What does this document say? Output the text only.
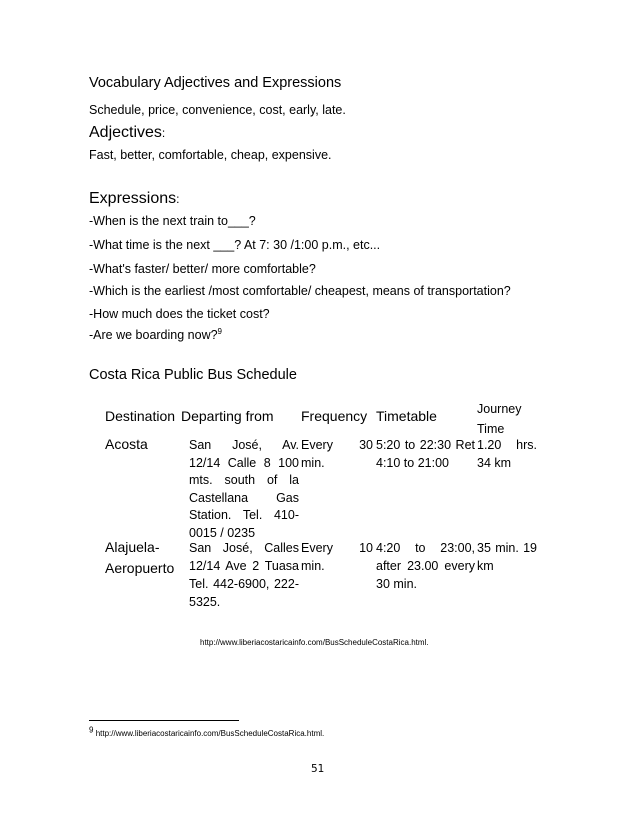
Vocabulary Adjectives and Expressions
Schedule, price, convenience, cost, early, late.
Adjectives:
Fast, better, comfortable, cheap, expensive.
Expressions:
-When is the next train to___?
-What time is the next ___? At 7: 30 /1:00 p.m., etc...
-What's faster/ better/ more comfortable?
-Which is the earliest /most comfortable/ cheapest, means of transportation?
-How much does the ticket cost?
-Are we boarding now?$^9$
Costa Rica Public Bus Schedule
Destination Departing from Frequency Timetable	Journey Time
Acosta	San José, Av. 12/14 Calle 8 100 mts. south of la Castellana Gas Station. Tel. 410-0015 / 0235
Every 30 min.
5:20 to 22:30 Ret 4:10 to 21:00
1.20 hrs. 34 km
Alajuela-Aeropuerto
San José, Calles 12/14 Ave 2 Tuasa Tel. 442-6900, 222-5325.
Every 10 min.
4:20 to 23:00, after 23.00 every 30 min.
35 min. 19 km
http://www.liberiacostaricainfo.com/BusScheduleCostaRica.html.
$^9$ http://www.liberiacostaricainfo.com/BusScheduleCostaRica.html.
51
